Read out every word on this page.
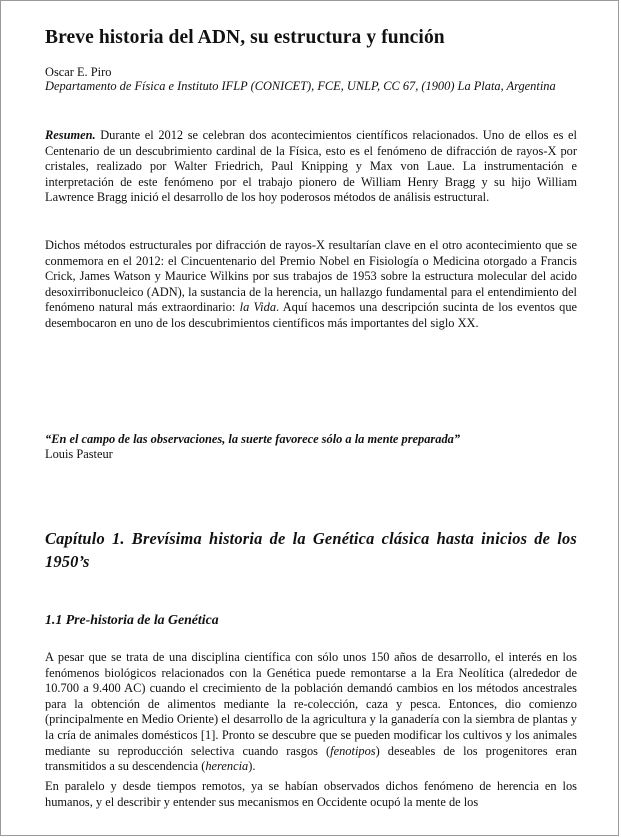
Breve historia del ADN, su estructura y función

Oscar E. Piro

Departamento de Física e Instituto IFLP (CONICET), FCE, UNLP, CC 67, (1900) La Plata, Argentina

Resumen. Durante el 2012 se celebran dos acontecimientos científicos relacionados. Uno de ellos es el Centenario de un descubrimiento cardinal de la Física, esto es el fenómeno de difracción de rayos-X por cristales, realizado por Walter Friedrich, Paul Knipping y Max von Laue. La instrumentación e interpretación de este fenómeno por el trabajo pionero de William Henry Bragg y su hijo William Lawrence Bragg inició el desarrollo de los hoy poderosos métodos de análisis estructural.

Dichos métodos estructurales por difracción de rayos-X resultarían clave en el otro acontecimiento que se conmemora en el 2012: el Cincuentenario del Premio Nobel en Fisiología o Medicina otorgado a Francis Crick, James Watson y Maurice Wilkins por sus trabajos de 1953 sobre la estructura molecular del acido desoxirribonucleico (ADN), la sustancia de la herencia, un hallazgo fundamental para el entendimiento del fenómeno natural más extraordinario: la Vida. Aquí hacemos una descripción sucinta de los eventos que desembocaron en uno de los descubrimientos científicos más importantes del siglo XX.

“En el campo de las observaciones, la suerte favorece sólo a la mente preparada”

Louis Pasteur

Capítulo 1. Brevísima historia de la Genética clásica hasta inicios de los 1950’s
1.1 Pre-historia de la Genética

A pesar que se trata de una disciplina científica con sólo unos 150 años de desarrollo, el interés en los fenómenos biológicos relacionados con la Genética puede remontarse a la Era Neolítica (alrededor de 10.700 a 9.400 AC) cuando el crecimiento de la población demandó cambios en los métodos ancestrales para la obtención de alimentos mediante la re-colección, caza y pesca. Entonces, dio comienzo (principalmente en Medio Oriente) el desarrollo de la agricultura y la ganadería con la siembra de plantas y la cría de animales domésticos [1]. Pronto se descubre que se pueden modificar los cultivos y los animales mediante su reproducción selectiva cuando rasgos (fenotipos) deseables de los progenitores eran transmitidos a su descendencia (herencia).

En paralelo y desde tiempos remotos, ya se habían observados dichos fenómeno de herencia en los humanos, y el describir y entender sus mecanismos en Occidente ocupó la mente de los
